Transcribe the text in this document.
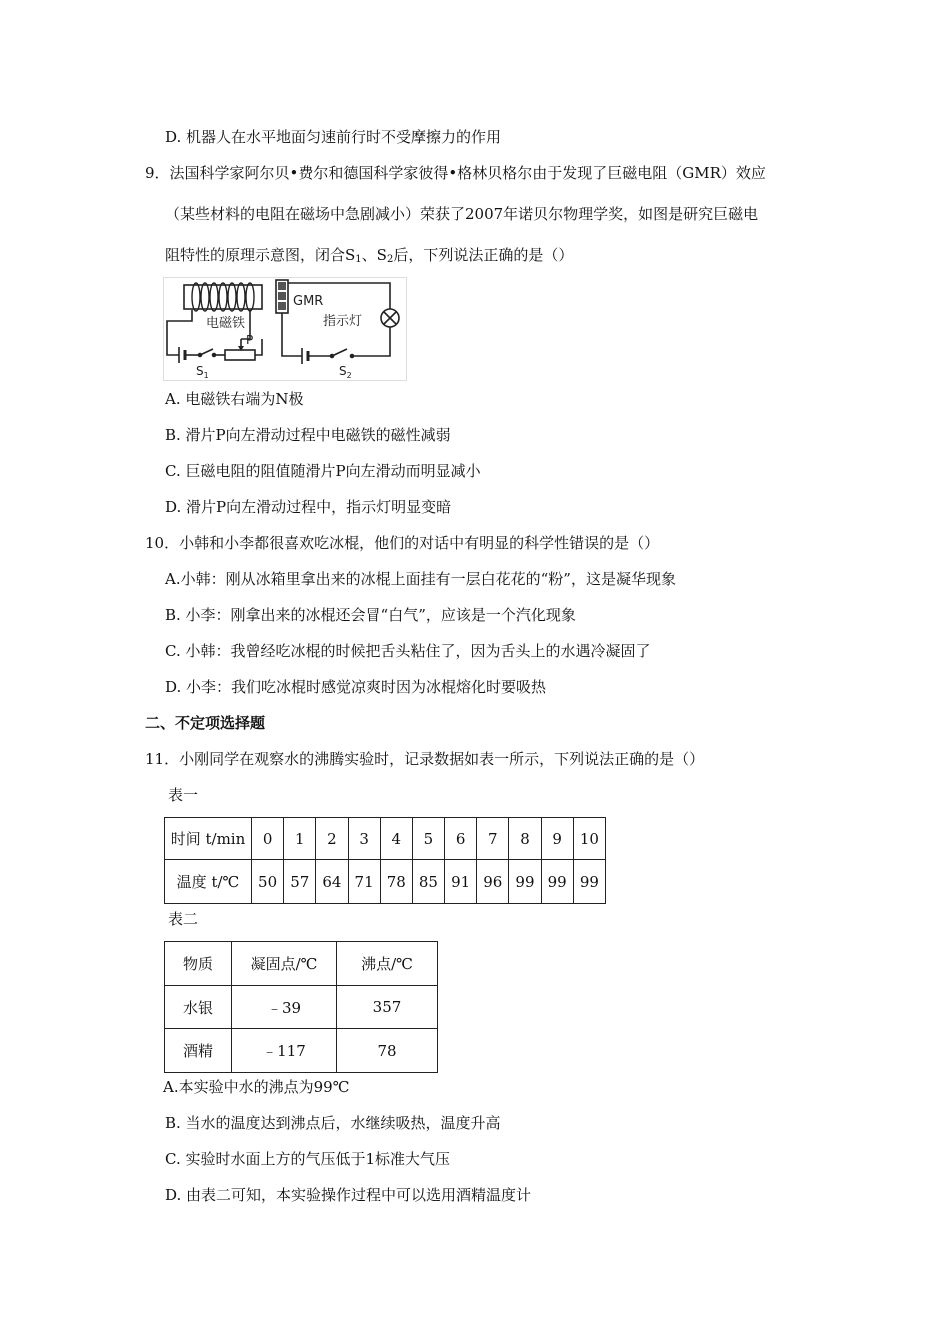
D. 机器人在水平地面匀速前行时不受摩擦力的作用
9．法国科学家阿尔贝•费尔和德国科学家彼得•格林贝格尔由于发现了巨磁电阻（GMR）效应
（某些材料的电阻在磁场中急剧减小）荣获了2007年诺贝尔物理学奖，如图是研究巨磁电
阻特性的原理示意图，闭合$S_1$、$S_2$后，下列说法正确的是（）
P
电磁铁
$S_1$
GMR
指示灯
$S_2$
A. 电磁铁右端为N极
B. 滑片P向左滑动过程中电磁铁的磁性减弱
C. 巨磁电阻的阻值随滑片P向左滑动而明显减小
D. 滑片P向左滑动过程中，指示灯明显变暗
10．小韩和小李都很喜欢吃冰棍，他们的对话中有明显的科学性错误的是（）
A.小韩：刚从冰箱里拿出来的冰棍上面挂有一层白花花的“粉”，这是凝华现象
B. 小李：刚拿出来的冰棍还会冒“白气”，应该是一个汽化现象
C. 小韩：我曾经吃冰棍的时候把舌头粘住了，因为舌头上的水遇冷凝固了
D. 小李：我们吃冰棍时感觉凉爽时因为冰棍熔化时要吸热
二、不定项选择题
11．小刚同学在观察水的沸腾实验时，记录数据如表一所示，下列说法正确的是（）
表一
时间 t/min	0	1	2	3	4	5	6	7	8	9	10
温度 t/℃	50	57	64	71	78	85	91	96	99	99	99
表二
物质	凝固点/℃	沸点/℃
水银	﹣39	357
酒精	﹣117	78
A.本实验中水的沸点为99℃
B. 当水的温度达到沸点后，水继续吸热，温度升高
C. 实验时水面上方的气压低于1标准大气压
D. 由表二可知，本实验操作过程中可以选用酒精温度计
